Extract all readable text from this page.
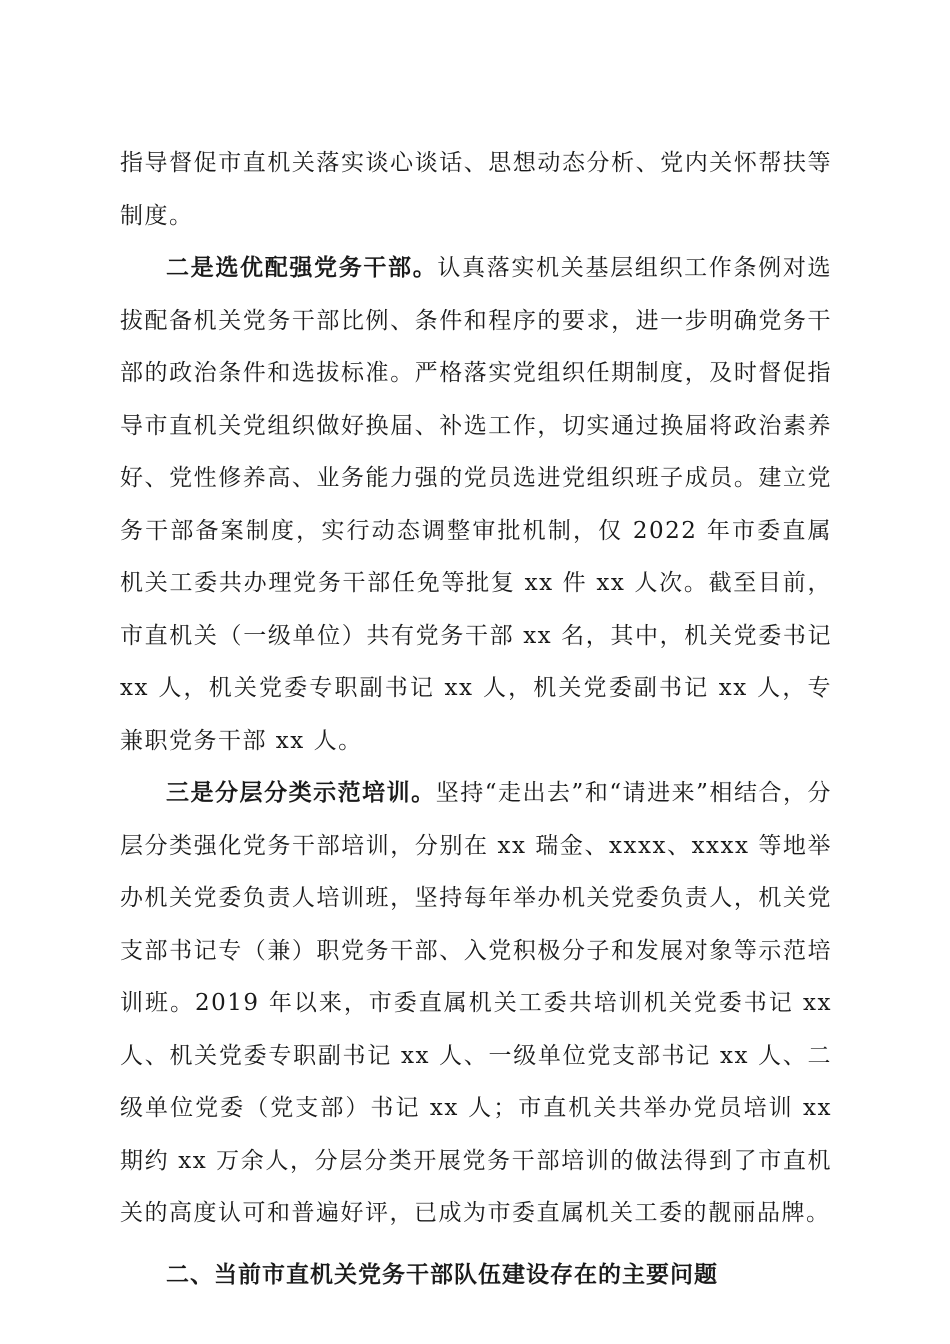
指导督促市直机关落实谈心谈话、思想动态分析、党内关怀帮扶等制度。

二是选优配强党务干部。认真落实机关基层组织工作条例对选拔配备机关党务干部比例、条件和程序的要求，进一步明确党务干部的政治条件和选拔标准。严格落实党组织任期制度，及时督促指导市直机关党组织做好换届、补选工作，切实通过换届将政治素养好、党性修养高、业务能力强的党员选进党组织班子成员。建立党务干部备案制度，实行动态调整审批机制，仅 2022 年市委直属机关工委共办理党务干部任免等批复 xx 件 xx 人次。截至目前，市直机关（一级单位）共有党务干部 xx 名，其中，机关党委书记 xx 人，机关党委专职副书记 xx 人，机关党委副书记 xx 人，专兼职党务干部 xx 人。

三是分层分类示范培训。坚持“走出去”和“请进来”相结合，分层分类强化党务干部培训，分别在 xx 瑞金、xxxx、xxxx 等地举办机关党委负责人培训班，坚持每年举办机关党委负责人，机关党支部书记专（兼）职党务干部、入党积极分子和发展对象等示范培训班。2019 年以来，市委直属机关工委共培训机关党委书记 xx 人、机关党委专职副书记 xx 人、一级单位党支部书记 xx 人、二级单位党委（党支部）书记 xx 人；市直机关共举办党员培训 xx 期约 xx 万余人，分层分类开展党务干部培训的做法得到了市直机关的高度认可和普遍好评，已成为市委直属机关工委的靓丽品牌。

二、当前市直机关党务干部队伍建设存在的主要问题
